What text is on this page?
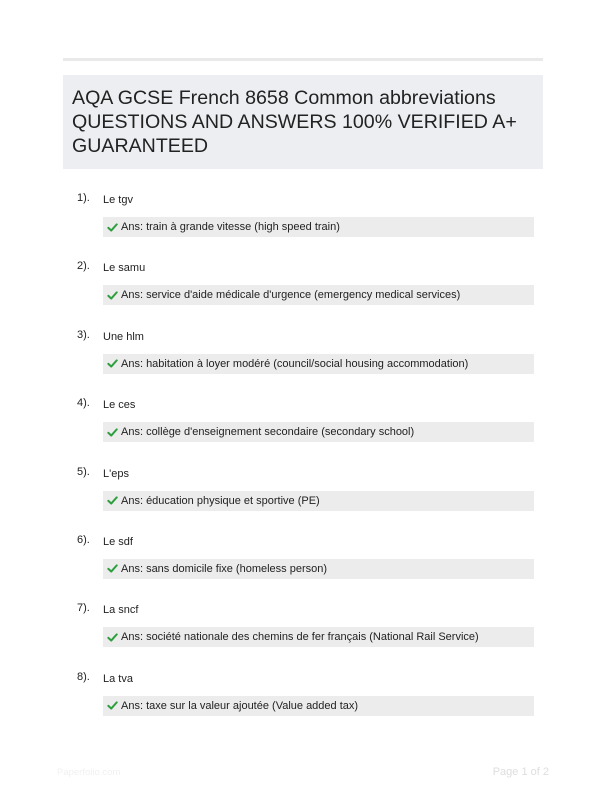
AQA GCSE French 8658 Common abbreviations QUESTIONS AND ANSWERS 100% VERIFIED A+ GUARANTEED
1). Le tgv
Ans: train à grande vitesse (high speed train)
2). Le samu
Ans: service d'aide médicale d'urgence (emergency medical services)
3). Une hlm
Ans: habitation à loyer modéré (council/social housing accommodation)
4). Le ces
Ans: collège d'enseignement secondaire (secondary school)
5). L'eps
Ans: éducation physique et sportive (PE)
6). Le sdf
Ans: sans domicile fixe (homeless person)
7). La sncf
Ans: société nationale des chemins de fer français (National Rail Service)
8). La tva
Ans: taxe sur la valeur ajoutée (Value added tax)
Paperfolio.com	Page 1 of 2
